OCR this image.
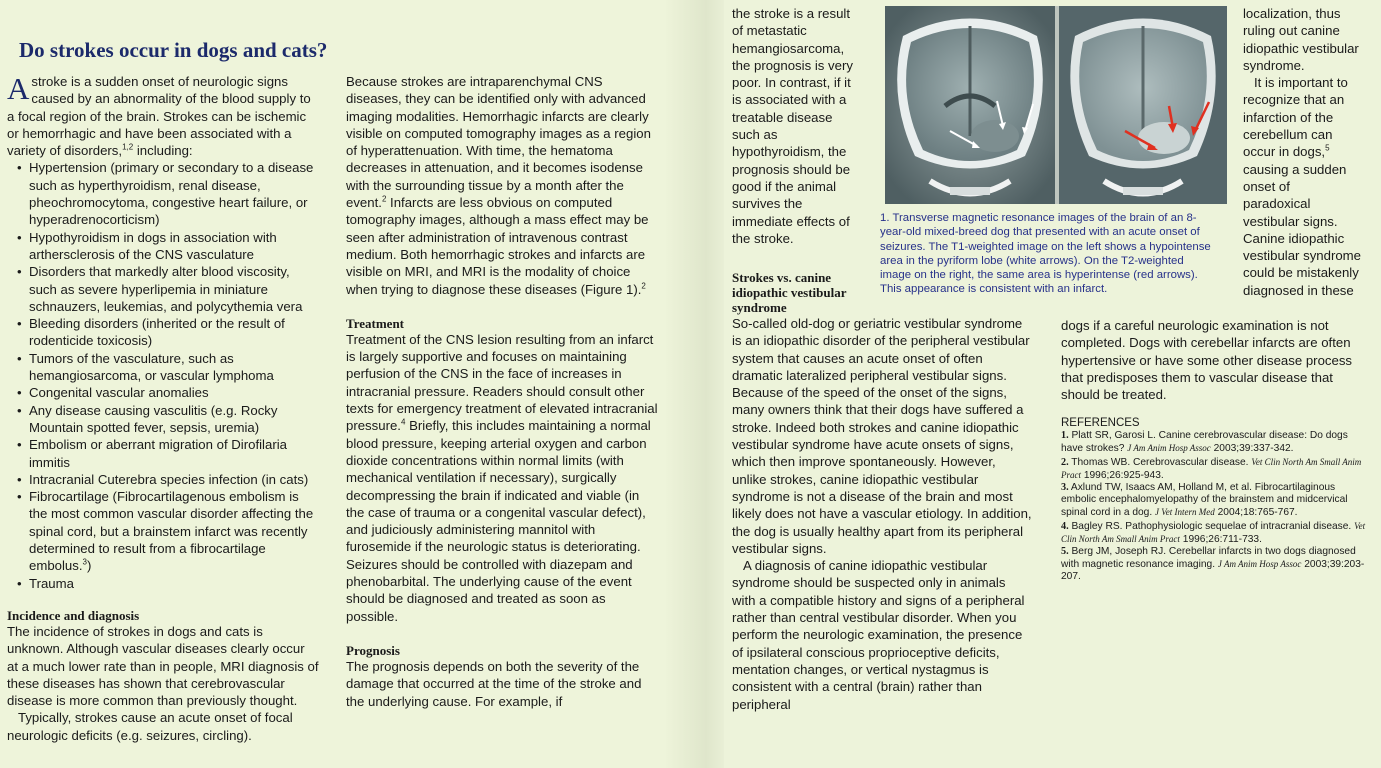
Do strokes occur in dogs and cats?

A stroke is a sudden onset of neurologic signs caused by an abnormality of the blood supply to a focal region of the brain. Strokes can be ischemic or hemorrhagic and have been associated with a variety of disorders,$^{1,2}$ including:

• Hypertension (primary or secondary to a disease such as hyperthyroidism, renal disease, pheochromocytoma, congestive heart failure, or hyperadrenocorticism)
• Hypothyroidism in dogs in association with arthersclerosis of the CNS vasculature
• Disorders that markedly alter blood viscosity, such as severe hyperlipemia in miniature schnauzers, leukemias, and polycythemia vera
• Bleeding disorders (inherited or the result of rodenticide toxicosis)
• Tumors of the vasculature, such as hemangiosarcoma, or vascular lymphoma
• Congenital vascular anomalies
• Any disease causing vasculitis (e.g. Rocky Mountain spotted fever, sepsis, uremia)
• Embolism or aberrant migration of Dirofilaria immitis
• Intracranial Cuterebra species infection (in cats)
• Fibrocartilage (Fibrocartilagenous embolism is the most common vascular disorder affecting the spinal cord, but a brainstem infarct was recently determined to result from a fibrocartilage embolus.$^3$)
• Trauma

Incidence and diagnosis

The incidence of strokes in dogs and cats is unknown. Although vascular diseases clearly occur at a much lower rate than in people, MRI diagnosis of these diseases has shown that cerebrovascular disease is more common than previously thought.

Typically, strokes cause an acute onset of focal neurologic deficits (e.g. seizures, circling).

Because strokes are intraparenchymal CNS diseases, they can be identified only with advanced imaging modalities. Hemorrhagic infarcts are clearly visible on computed tomography images as a region of hyperattenuation. With time, the hematoma decreases in attenuation, and it becomes isodense with the surrounding tissue by a month after the event.$^2$ Infarcts are less obvious on computed tomography images, although a mass effect may be seen after administration of intravenous contrast medium. Both hemorrhagic strokes and infarcts are visible on MRI, and MRI is the modality of choice when trying to diagnose these diseases (Figure 1).$^2$

Treatment

Treatment of the CNS lesion resulting from an infarct is largely supportive and focuses on maintaining perfusion of the CNS in the face of increases in intracranial pressure. Readers should consult other texts for emergency treatment of elevated intracranial pressure.$^4$ Briefly, this includes maintaining a normal blood pressure, keeping arterial oxygen and carbon dioxide concentrations within normal limits (with mechanical ventilation if necessary), surgically decompressing the brain if indicated and viable (in the case of trauma or a congenital vascular defect), and judiciously administering mannitol with furosemide if the neurologic status is deteriorating. Seizures should be controlled with diazepam and phenobarbital. The underlying cause of the event should be diagnosed and treated as soon as possible.

Prognosis

The prognosis depends on both the severity of the damage that occurred at the time of the stroke and the underlying cause. For example, if

the stroke is a result of metastatic hemangiosarcoma, the prognosis is very poor. In contrast, if it is associated with a treatable disease such as hypothyroidism, the prognosis should be good if the animal survives the immediate effects of the stroke.

Strokes vs. canine idiopathic vestibular syndrome

So-called old-dog or geriatric vestibular syndrome is an idiopathic disorder of the peripheral vestibular system that causes an acute onset of often dramatic lateralized peripheral vestibular signs. Because of the speed of the onset of the signs, many owners think that their dogs have suffered a stroke. Indeed both strokes and canine idiopathic vestibular syndrome have acute onsets of signs, which then improve spontaneously. However, unlike strokes, canine idiopathic vestibular syndrome is not a disease of the brain and most likely does not have a vascular etiology. In addition, the dog is usually healthy apart from its peripheral vestibular signs.

A diagnosis of canine idiopathic vestibular syndrome should be suspected only in animals with a compatible history and signs of a peripheral rather than central vestibular disorder. When you perform the neurologic examination, the presence of ipsilateral conscious proprioceptive deficits, mentation changes, or vertical nystagmus is consistent with a central (brain) rather than peripheral

1. Transverse magnetic resonance images of the brain of an 8-year-old mixed-breed dog that presented with an acute onset of seizures. The T1-weighted image on the left shows a hypointense area in the pyriform lobe (white arrows). On the T2-weighted image on the right, the same area is hyperintense (red arrows). This appearance is consistent with an infarct.

localization, thus ruling out canine idiopathic vestibular syndrome.

It is important to recognize that an infarction of the cerebellum can occur in dogs,$^5$ causing a sudden onset of paradoxical vestibular signs. Canine idiopathic vestibular syndrome could be mistakenly diagnosed in these

dogs if a careful neurologic examination is not completed. Dogs with cerebellar infarcts are often hypertensive or have some other disease process that predisposes them to vascular disease that should be treated.

REFERENCES

1. Platt SR, Garosi L. Canine cerebrovascular disease: Do dogs have strokes? J Am Anim Hosp Assoc 2003;39:337-342.

2. Thomas WB. Cerebrovascular disease. Vet Clin North Am Small Anim Pract 1996;26:925-943.

3. Axlund TW, Isaacs AM, Holland M, et al. Fibrocartilaginous embolic encephalomyelopathy of the brainstem and midcervical spinal cord in a dog. J Vet Intern Med 2004;18:765-767.

4. Bagley RS. Pathophysiologic sequelae of intracranial disease. Vet Clin North Am Small Anim Pract 1996;26:711-733.

5. Berg JM, Joseph RJ. Cerebellar infarcts in two dogs diagnosed with magnetic resonance imaging. J Am Anim Hosp Assoc 2003;39:203-207.
